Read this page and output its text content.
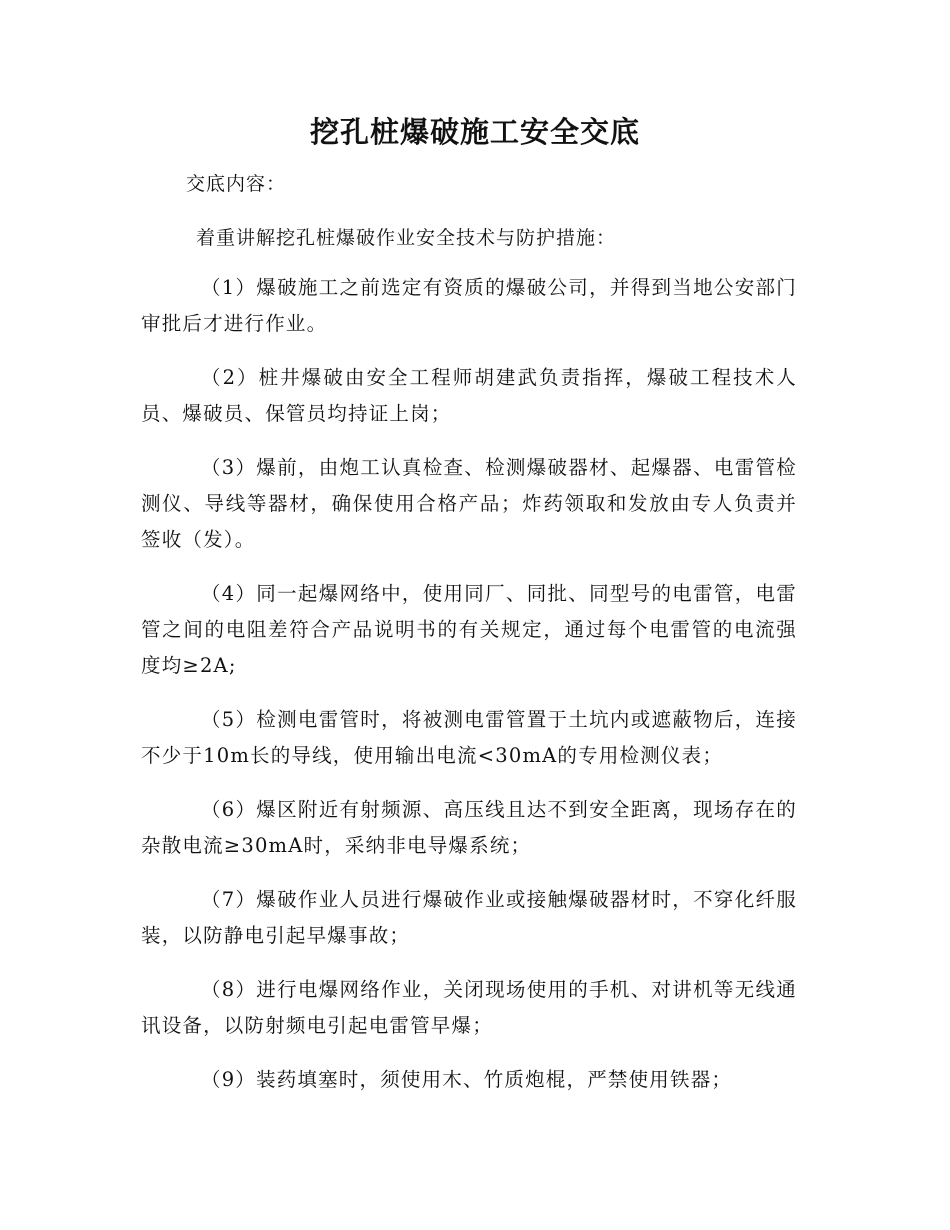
挖孔桩爆破施工安全交底
交底内容：
着重讲解挖孔桩爆破作业安全技术与防护措施：
（1）爆破施工之前选定有资质的爆破公司，并得到当地公安部门审批后才进行作业。
（2）桩井爆破由安全工程师胡建武负责指挥，爆破工程技术人员、爆破员、保管员均持证上岗；
（3）爆前，由炮工认真检查、检测爆破器材、起爆器、电雷管检测仪、导线等器材，确保使用合格产品；炸药领取和发放由专人负责并签收（发）。
（4）同一起爆网络中，使用同厂、同批、同型号的电雷管，电雷管之间的电阻差符合产品说明书的有关规定，通过每个电雷管的电流强度均≥2A;
（5）检测电雷管时，将被测电雷管置于土坑内或遮蔽物后，连接不少于10m长的导线，使用输出电流<30mA的专用检测仪表；
（6）爆区附近有射频源、高压线且达不到安全距离，现场存在的杂散电流≥30mA时，采纳非电导爆系统；
（7）爆破作业人员进行爆破作业或接触爆破器材时，不穿化纤服装，以防静电引起早爆事故；
（8）进行电爆网络作业，关闭现场使用的手机、对讲机等无线通讯设备，以防射频电引起电雷管早爆；
（9）装药填塞时，须使用木、竹质炮棍，严禁使用铁器；
